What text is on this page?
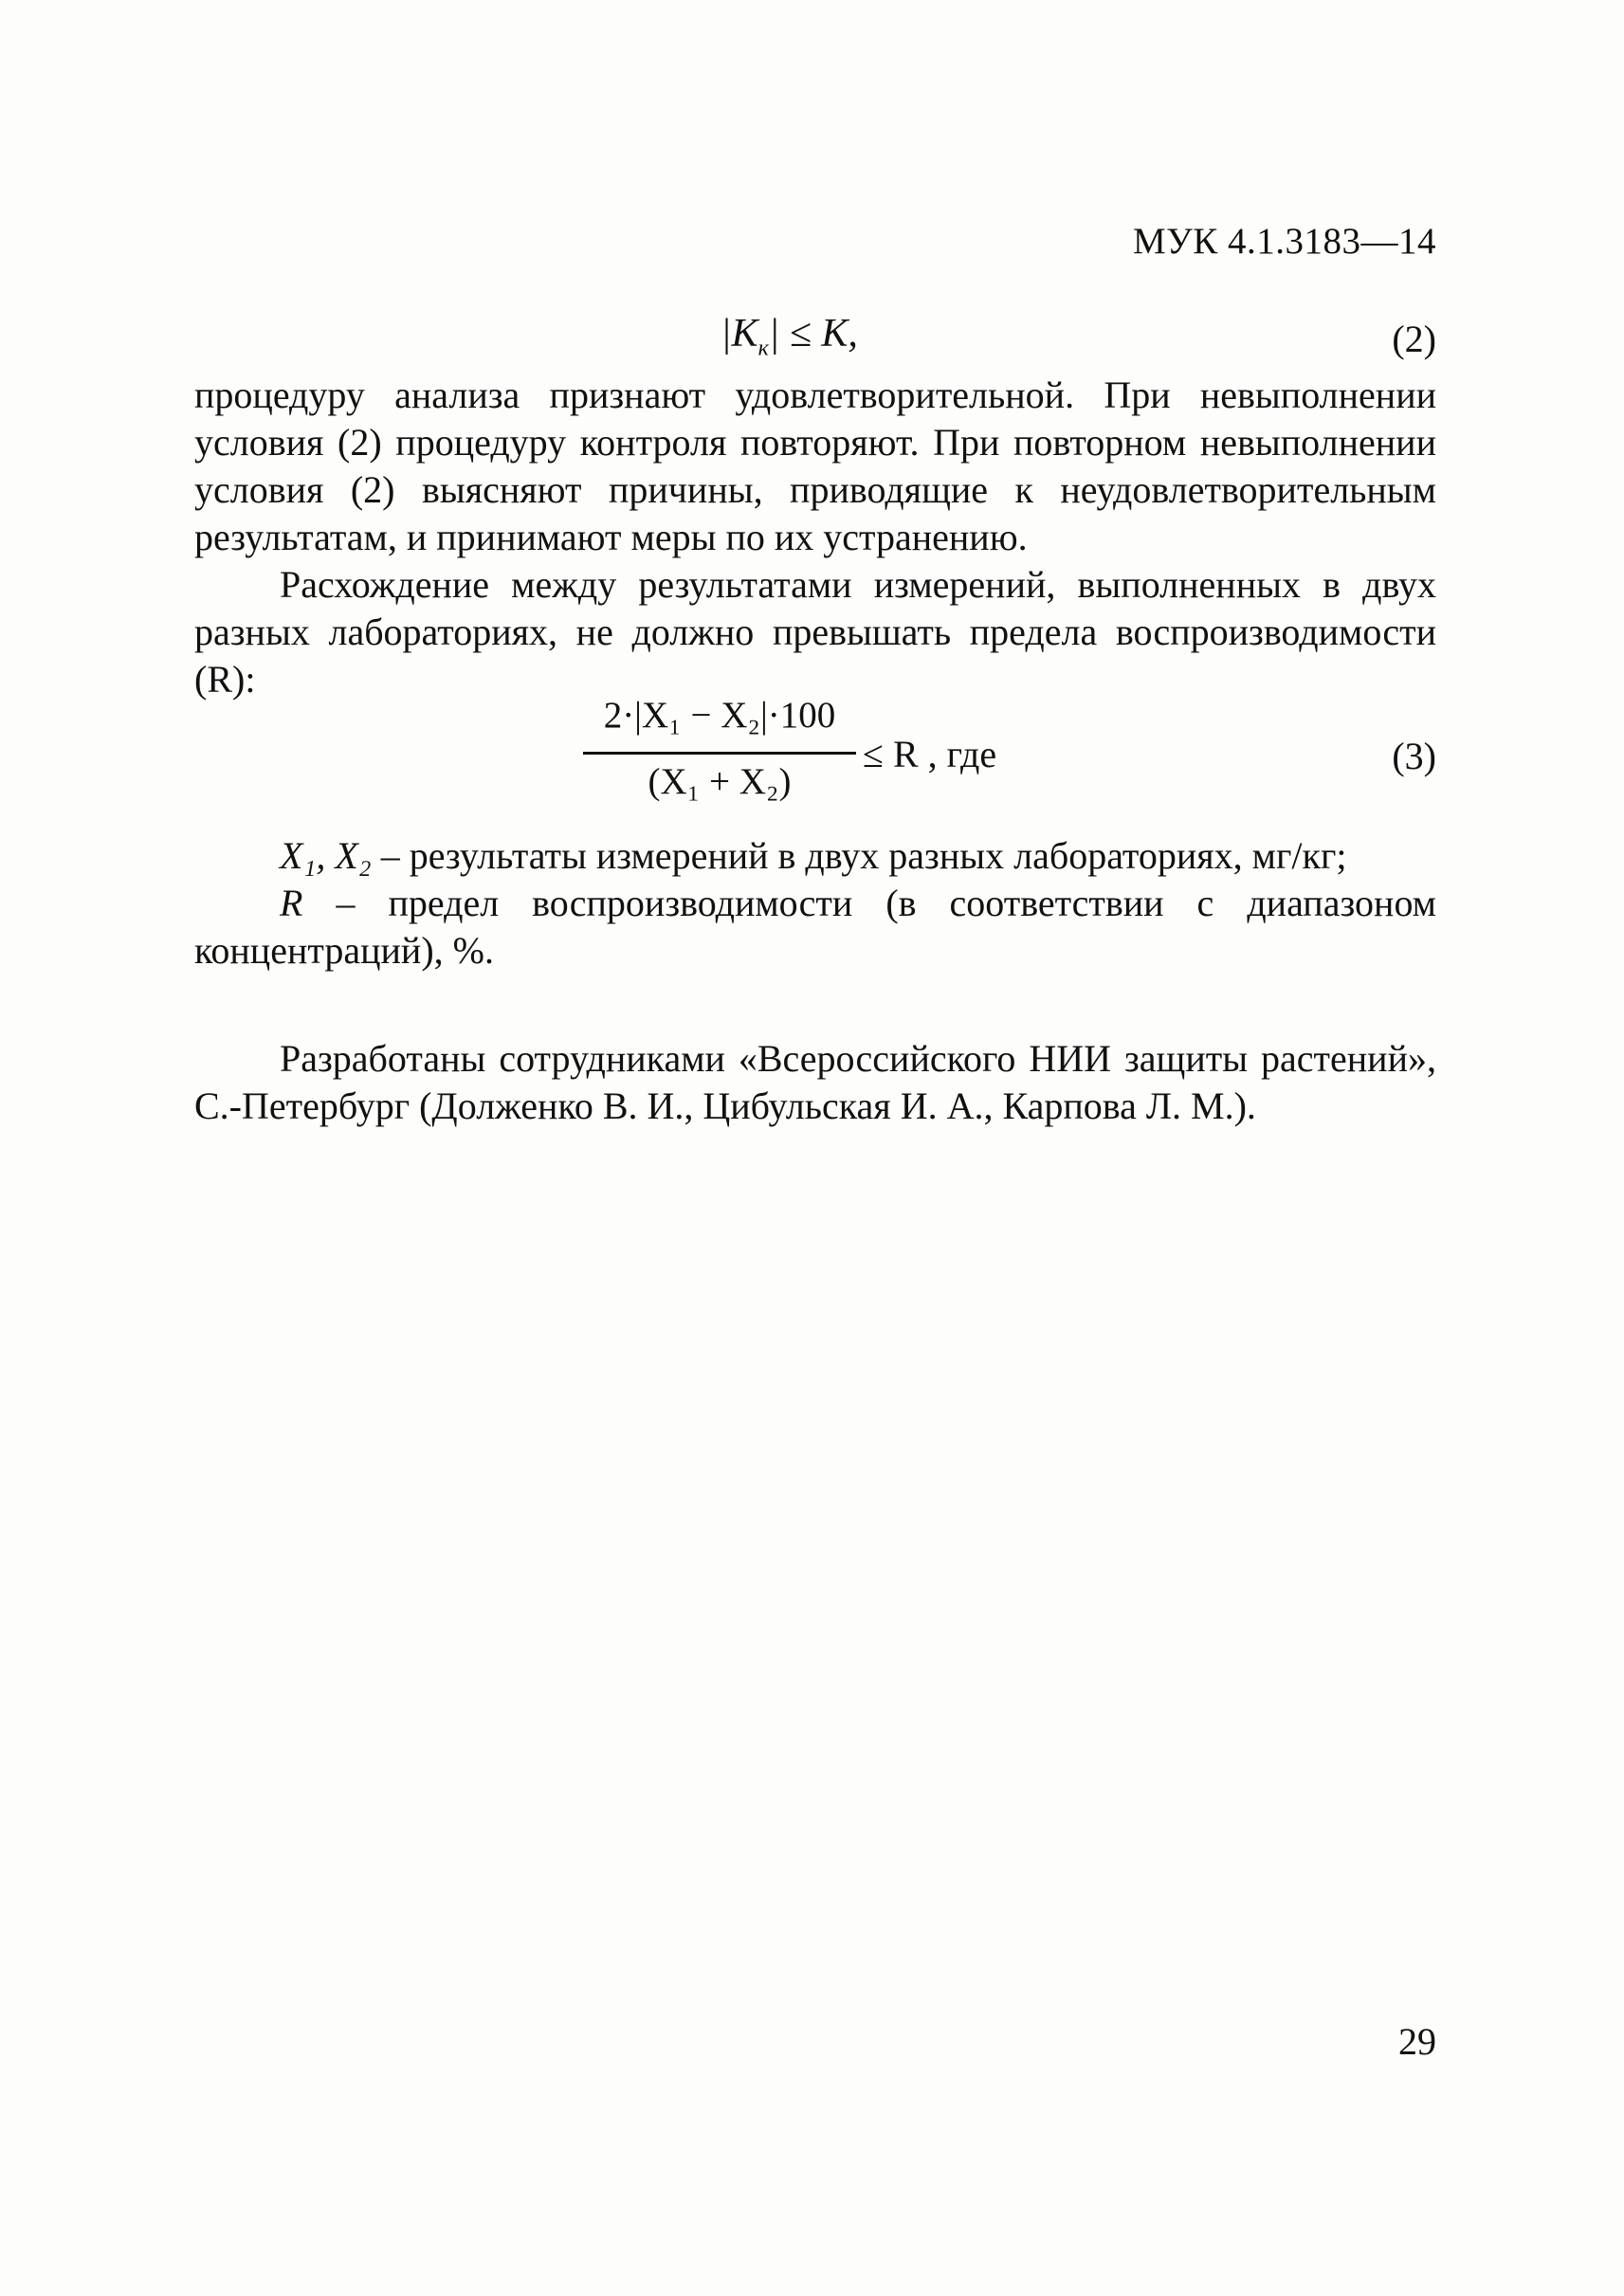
МУК 4.1.3183—14
$|K_к| \le K$,	(2)
процедуру анализа признают удовлетворительной. При невыполнении условия (2) процедуру контроля повторяют. При повторном невыполнении условия (2) выясняют причины, приводящие к неудовлетворительным результатам, и принимают меры по их устранению.
Расхождение между результатами измерений, выполненных в двух разных лабораториях, не должно превышать предела воспроизводимости (R):
2·|X₁ − X₂|·100
(X₁ + X₂)
≤ R , где	(3)
X₁, X₂ – результаты измерений в двух разных лабораториях, мг/кг;
R – предел воспроизводимости (в соответствии с диапазоном концентраций), %.
Разработаны сотрудниками «Всероссийского НИИ защиты растений», С.-Петербург (Долженко В. И., Цибульская И. А., Карпова Л. М.).
29
